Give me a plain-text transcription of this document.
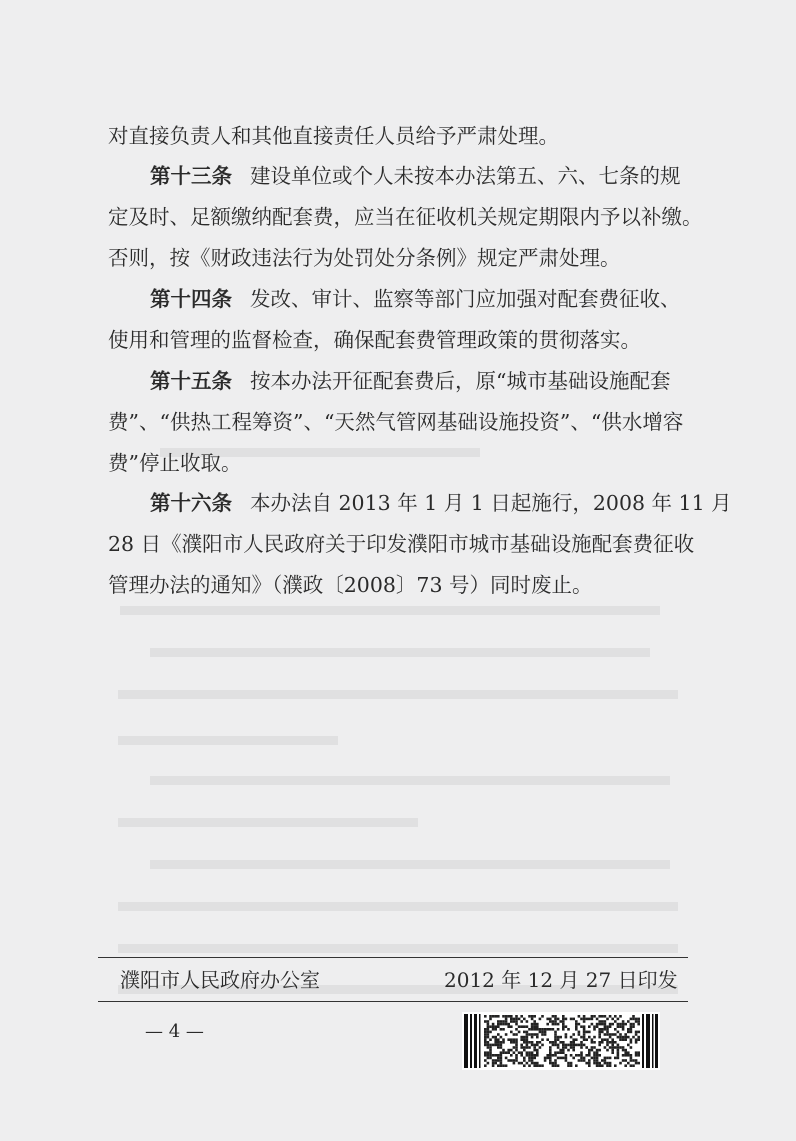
对直接负责人和其他直接责任人员给予严肃处理。
第十三条 建设单位或个人未按本办法第五、六、七条的规
定及时、足额缴纳配套费，应当在征收机关规定期限内予以补缴。
否则，按《财政违法行为处罚处分条例》规定严肃处理。
第十四条 发改、审计、监察等部门应加强对配套费征收、
使用和管理的监督检查，确保配套费管理政策的贯彻落实。
第十五条 按本办法开征配套费后，原“城市基础设施配套
费”、“供热工程筹资”、“天然气管网基础设施投资”、“供水增容
费”停止收取。
第十六条 本办法自 2013 年 1 月 1 日起施行，2008 年 11 月
28 日《濮阳市人民政府关于印发濮阳市城市基础设施配套费征收
管理办法的通知》（濮政〔2008〕73 号）同时废止。
濮阳市人民政府办公室	2012 年 12 月 27 日印发
— 4 —
